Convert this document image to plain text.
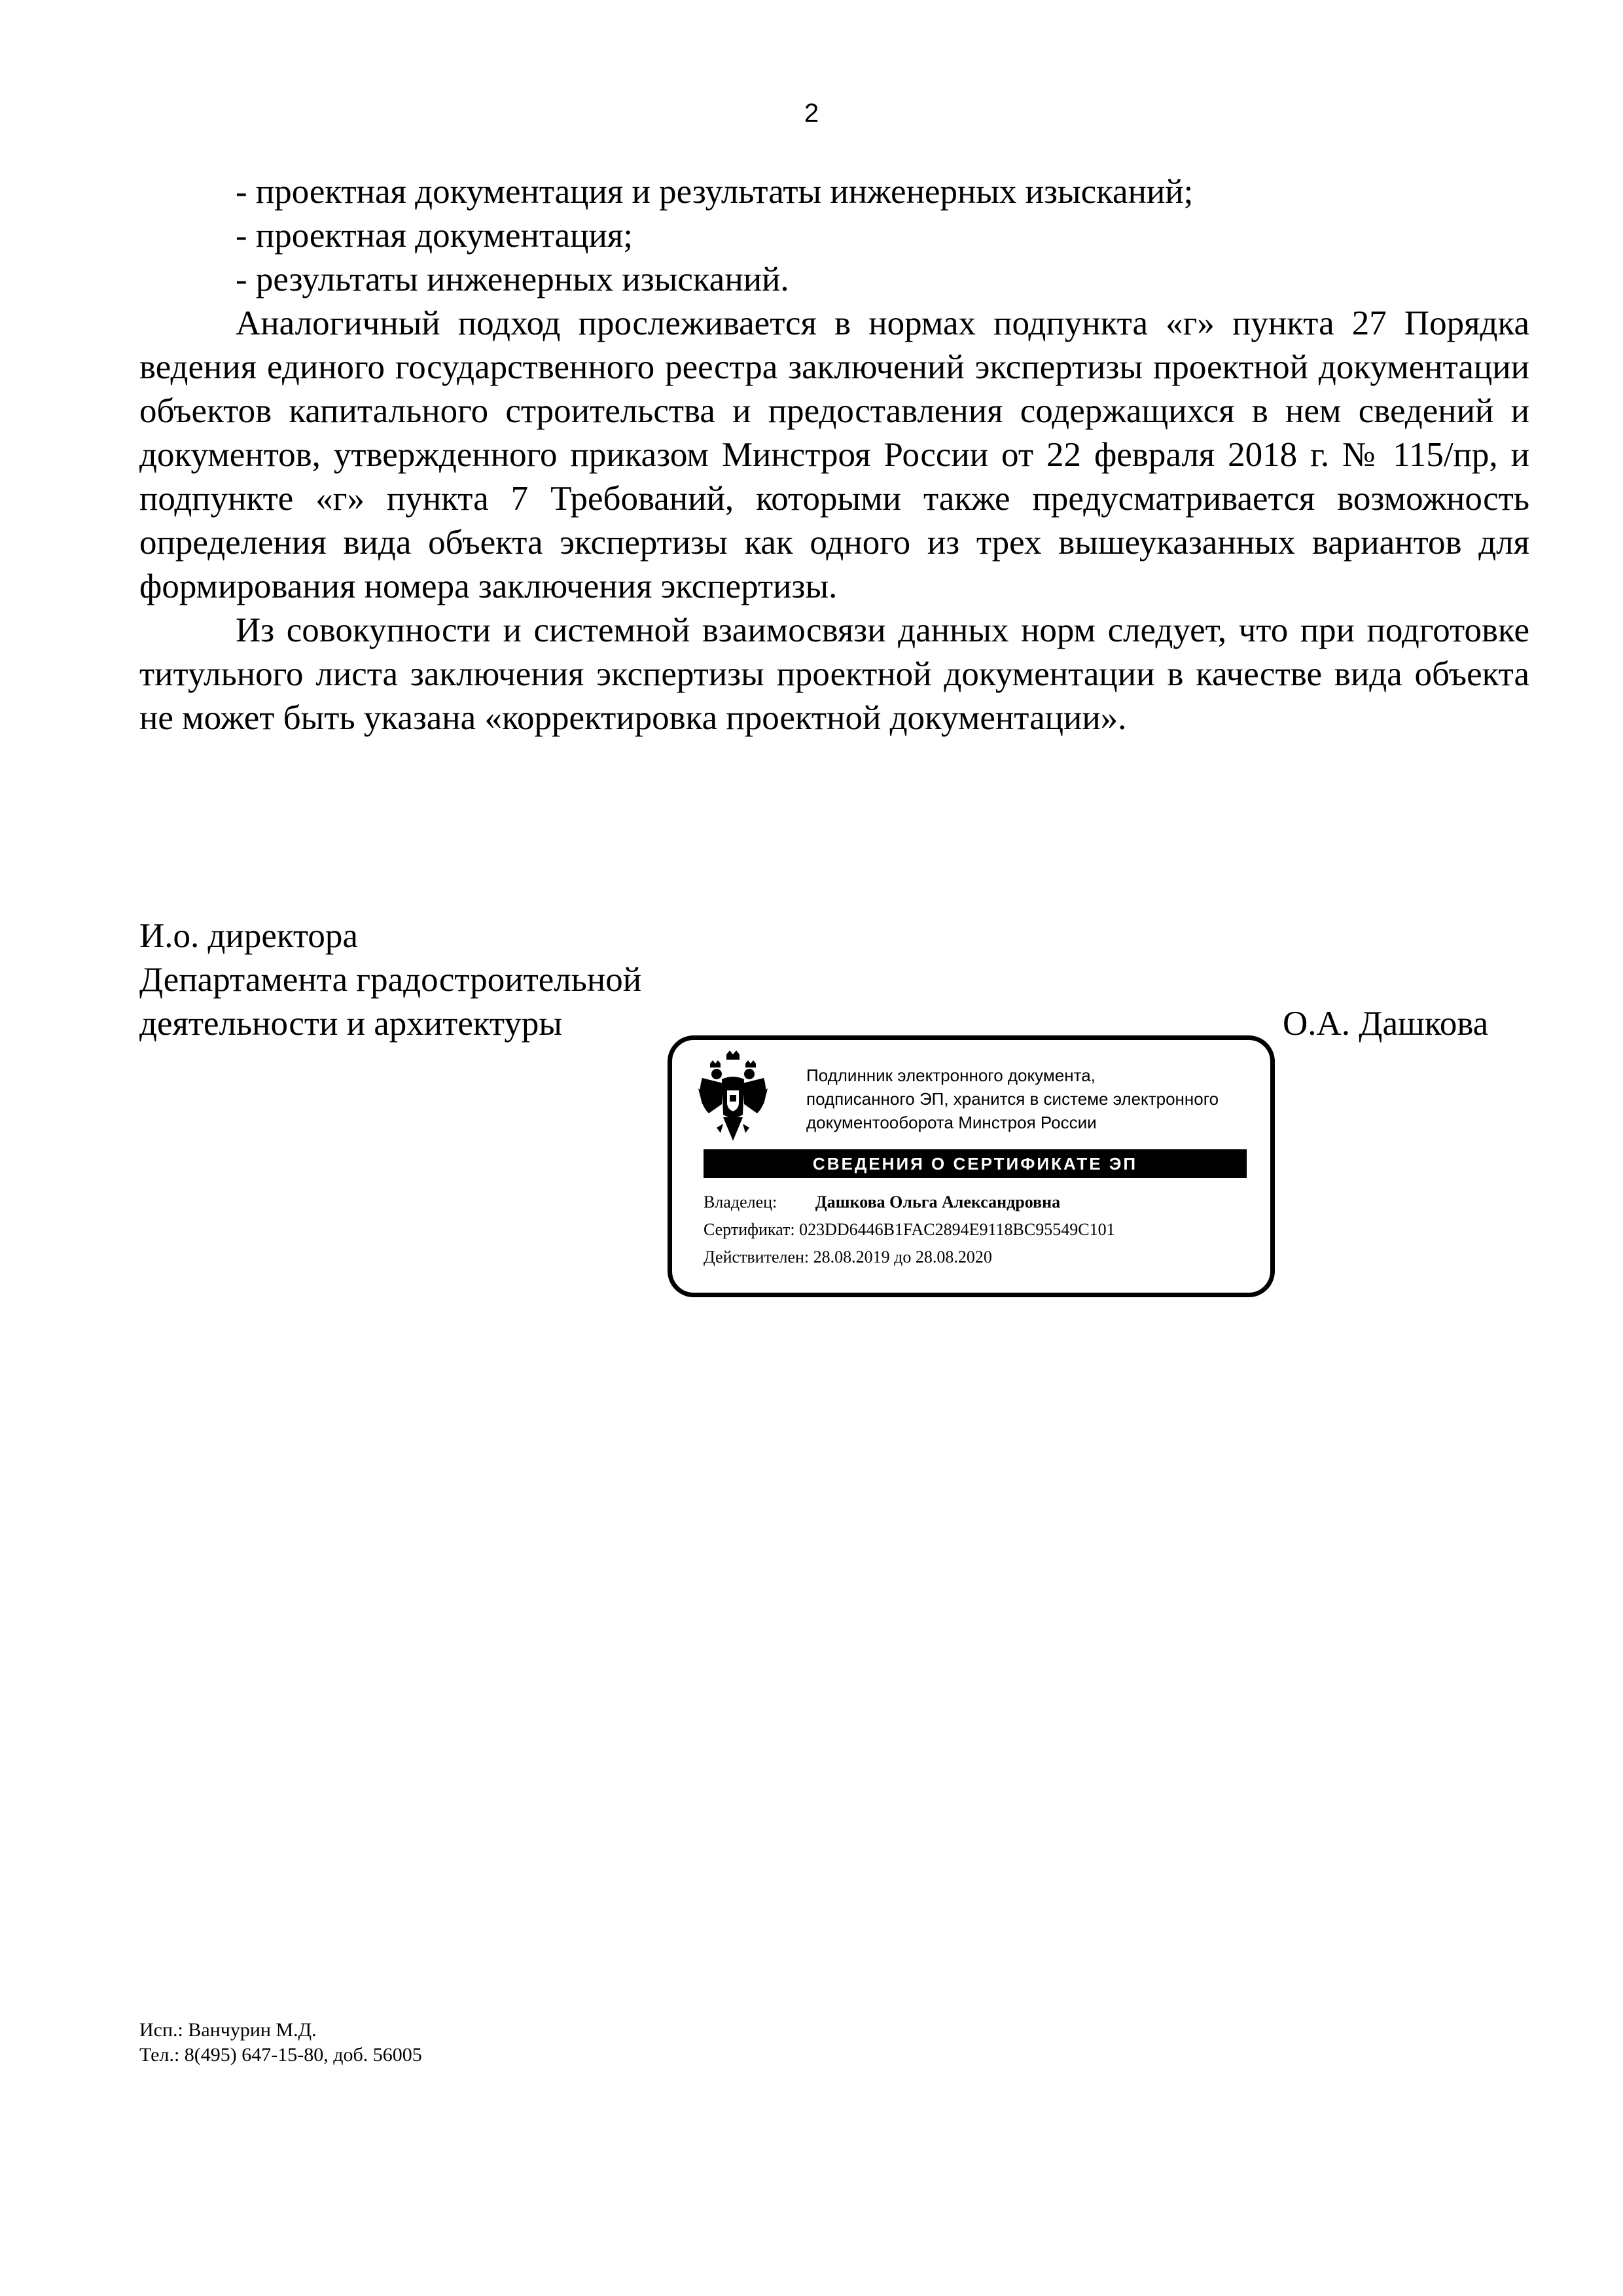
2
- проектная документация и результаты инженерных изысканий;
- проектная документация;
- результаты инженерных изысканий.

Аналогичный подход прослеживается в нормах подпункта «г» пункта 27 Порядка ведения единого государственного реестра заключений экспертизы проектной документации объектов капитального строительства и предоставления содержащихся в нем сведений и документов, утвержденного приказом Минстроя России от 22 февраля 2018 г. № 115/пр, и подпункте «г» пункта 7 Требований, которыми также предусматривается возможность определения вида объекта экспертизы как одного из трех вышеуказанных вариантов для формирования номера заключения экспертизы.

Из совокупности и системной взаимосвязи данных норм следует, что при подготовке титульного листа заключения экспертизы проектной документации в качестве вида объекта не может быть указана «корректировка проектной документации».

И.о. директора
Департамента градостроительной
деятельности и архитектуры	О.А. Дашкова
Подлинник электронного документа,
подписанного ЭП, хранится в системе электронного
документооборота Минстроя России
СВЕДЕНИЯ О СЕРТИФИКАТЕ ЭП
Владелец: Дашкова Ольга Александровна
Сертификат: 023DD6446B1FAC2894E9118BC95549C101
Действителен: 28.08.2019 до 28.08.2020
Исп.: Ванчурин М.Д.
Тел.: 8(495) 647-15-80, доб. 56005
